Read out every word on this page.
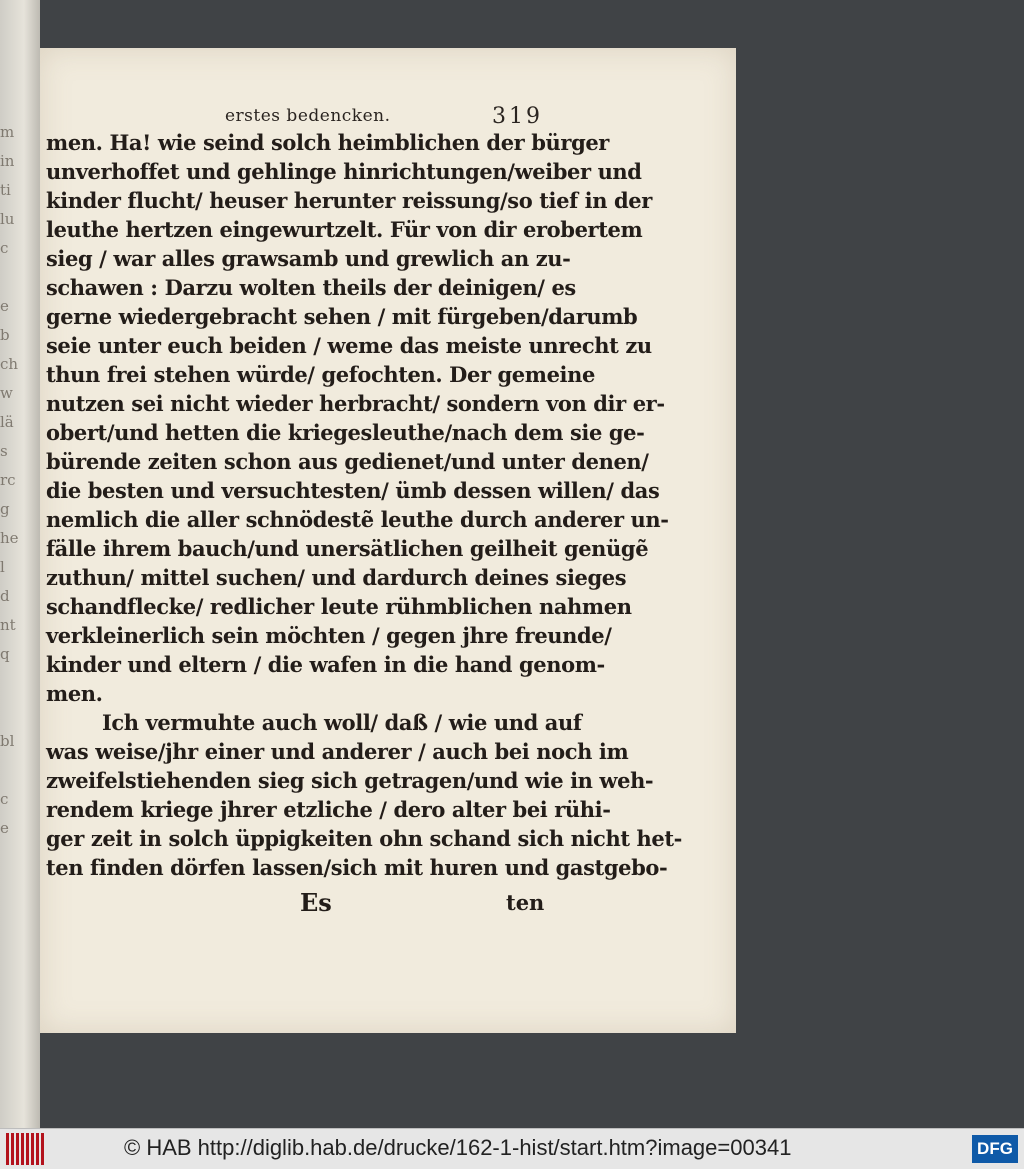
m
in
ti
lu
c

e
b
ch
w
lä
s
rc
g
he
l
d
nt
q

bl

c
e
erstes bedencken.	319
men. Ha! wie seind solch heimblichen der bürger
unverhoffet und gehlinge hinrichtungen/weiber und
kinder flucht/ heuser herunter reissung/so tief in der
leuthe hertzen eingewurtzelt. Für von dir erobertem
sieg / war alles grawsamb und grewlich an zu-
schawen : Darzu wolten theils der deinigen/ es
gerne wiedergebracht sehen / mit fürgeben/darumb
seie unter euch beiden / weme das meiste unrecht zu
thun frei stehen würde/ gefochten. Der gemeine
nutzen sei nicht wieder herbracht/ sondern von dir er-
obert/und hetten die kriegesleuthe/nach dem sie ge-
bürende zeiten schon aus gedienet/und unter denen/
die besten und versuchtesten/ ümb dessen willen/ das
nemlich die aller schnödestẽ leuthe durch anderer un-
fälle ihrem bauch/und unersätlichen geilheit genügẽ
zuthun/ mittel suchen/ und dardurch deines sieges
schandflecke/ redlicher leute rühmblichen nahmen
verkleinerlich sein möchten / gegen jhre freunde/
kinder und eltern / die wafen in die hand genom-
men.
Ich vermuhte auch woll/ daß / wie und auf
was weise/jhr einer und anderer / auch bei noch im
zweifelstiehenden sieg sich getragen/und wie in weh-
rendem kriege jhrer etzliche / dero alter bei rühi-
ger zeit in solch üppigkeiten ohn schand sich nicht het-
ten finden dörfen lassen/sich mit huren und gastgebo-
Es	ten
© HAB http://diglib.hab.de/drucke/162-1-hist/start.htm?image=00341	DFG
